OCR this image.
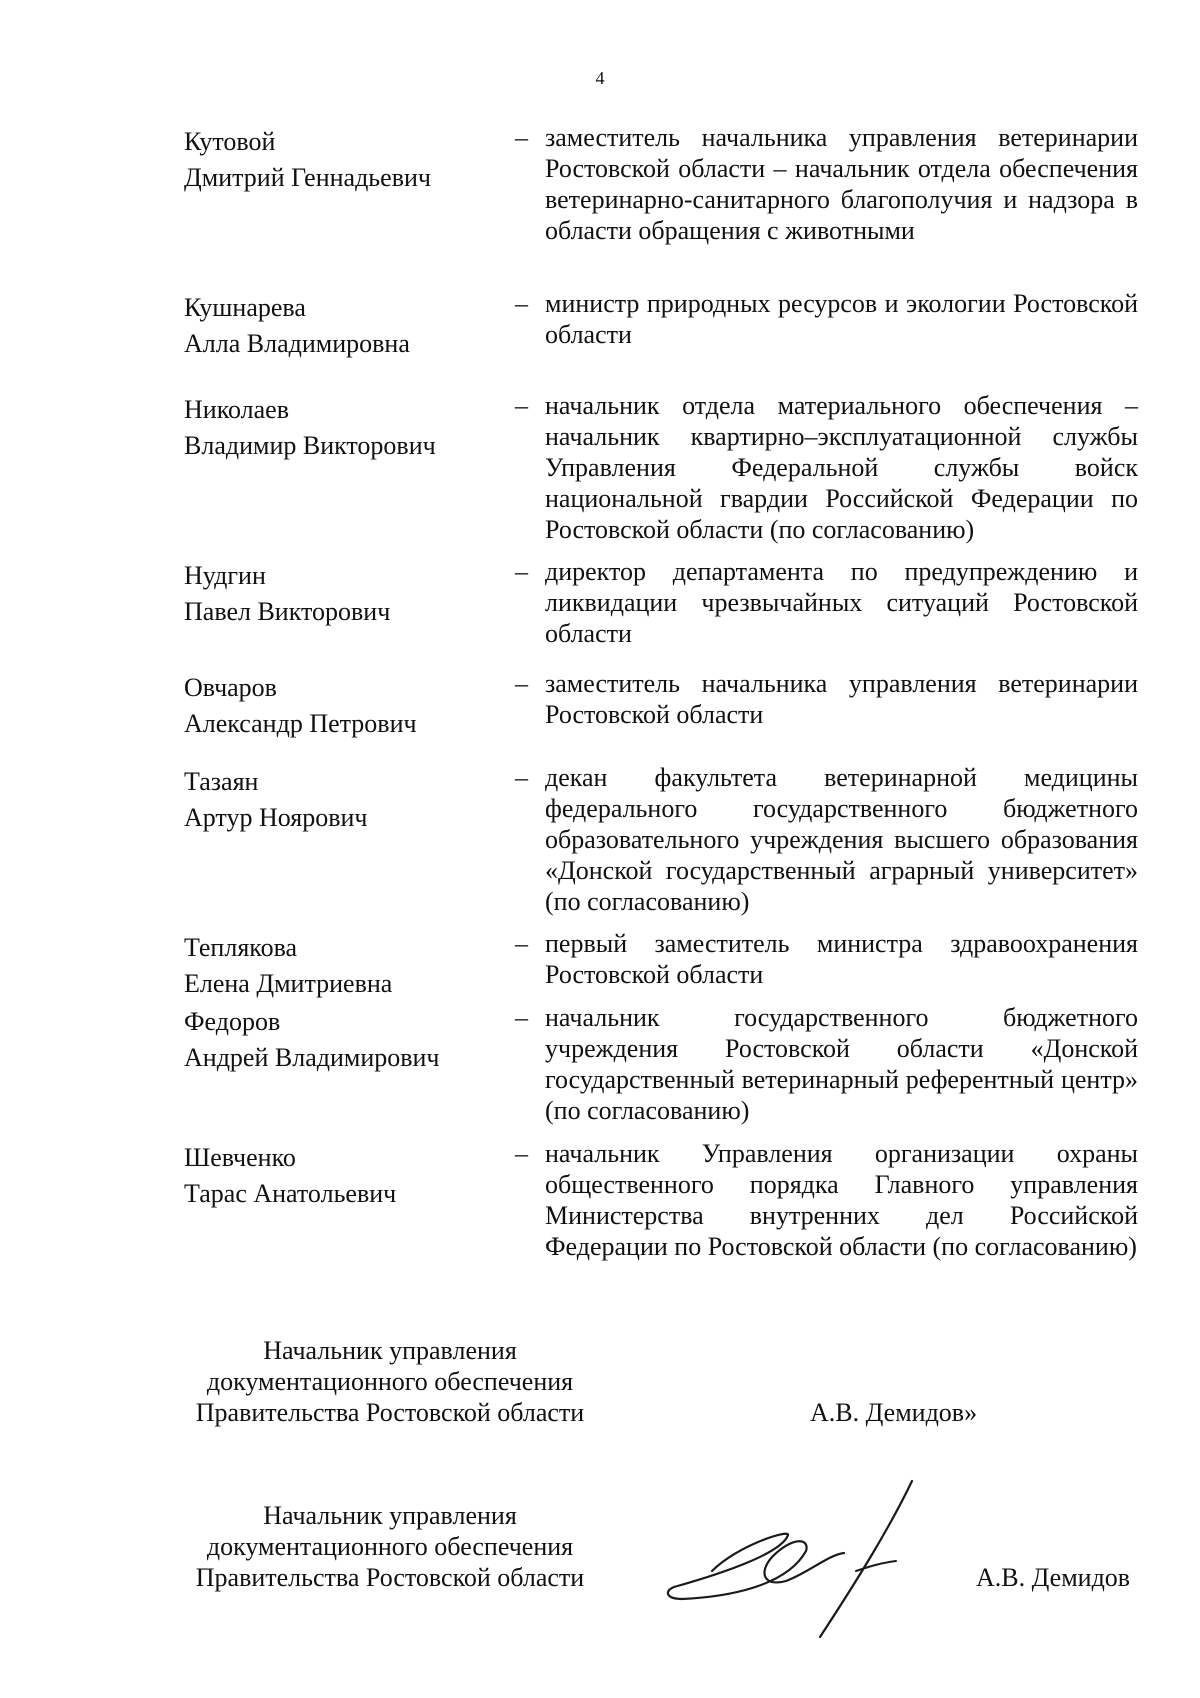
4
Кутовой
Дмитрий Геннадьевич
– заместитель начальника управления ветеринарии Ростовской области – начальник отдела обеспечения ветеринарно-санитарного благополучия и надзора в области обращения с животными
Кушнарева
Алла Владимировна
– министр природных ресурсов и экологии Ростовской области
Николаев
Владимир Викторович
– начальник отдела материального обеспечения – начальник квартирно–эксплуатационной службы Управления Федеральной службы войск национальной гвардии Российской Федерации по Ростовской области (по согласованию)
Нудгин
Павел Викторович
– директор департамента по предупреждению и ликвидации чрезвычайных ситуаций Ростовской области
Овчаров
Александр Петрович
– заместитель начальника управления ветеринарии Ростовской области
Тазаян
Артур Ноярович
– декан факультета ветеринарной медицины федерального государственного бюджетного образовательного учреждения высшего образования «Донской государственный аграрный университет» (по согласованию)
Теплякова
Елена Дмитриевна
– первый заместитель министра здравоохранения Ростовской области
Федоров
Андрей Владимирович
– начальник государственного бюджетного учреждения Ростовской области «Донской государственный ветеринарный референтный центр» (по согласованию)
Шевченко
Тарас Анатольевич
– начальник Управления организации охраны общественного порядка Главного управления Министерства внутренних дел Российской Федерации по Ростовской области (по согласованию)
Начальник управления
документационного обеспечения
Правительства Ростовской области	А.В. Демидов»
Начальник управления
документационного обеспечения
Правительства Ростовской области	А.В. Демидов
